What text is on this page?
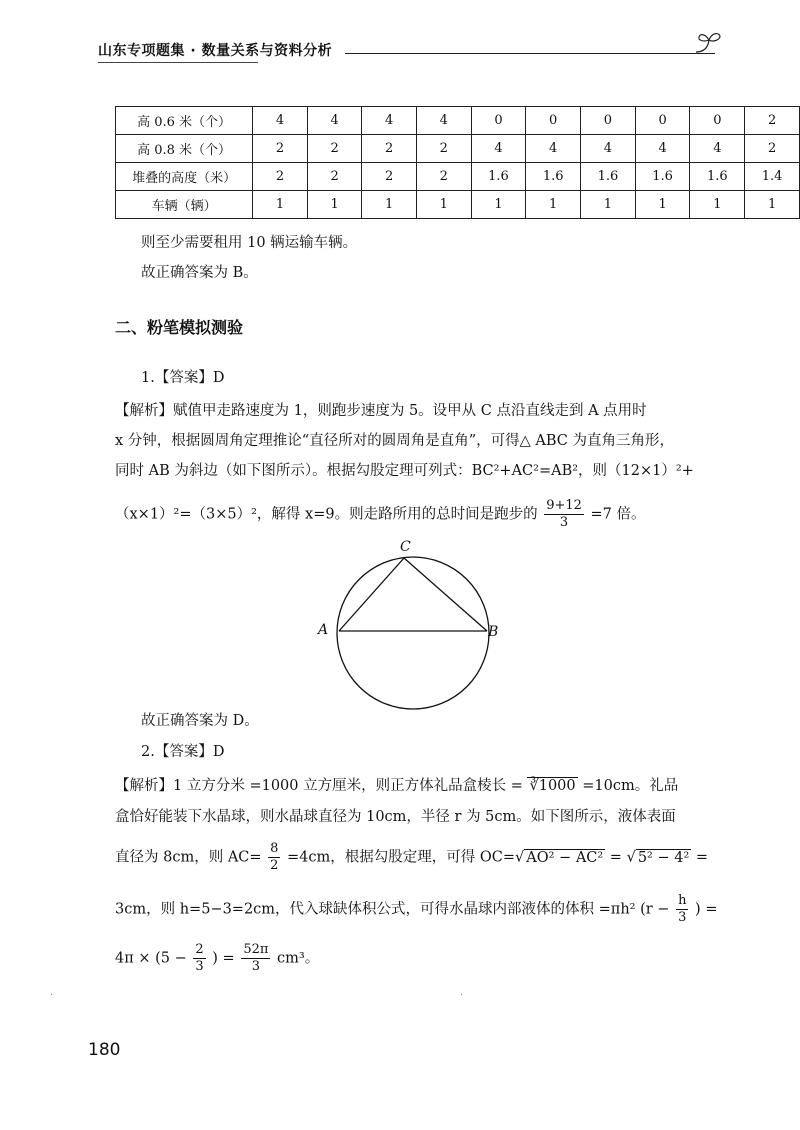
山东专项题集 · 数量关系与资料分析
高 0.6 米（个）	4	4	4	4	0	0	0	0	0	2
高 0.8 米（个）	2	2	2	2	4	4	4	4	4	2
堆叠的高度（米）	2	2	2	2	1.6	1.6	1.6	1.6	1.6	1.4
车辆（辆）	1	1	1	1	1	1	1	1	1	1
则至少需要租用 10 辆运输车辆。
故正确答案为 B。
二、粉笔模拟测验
1.【答案】D
【解析】赋值甲走路速度为 1，则跑步速度为 5。设甲从 C 点沿直线走到 A 点用时
x 分钟，根据圆周角定理推论“直径所对的圆周角是直角”，可得△ ABC 为直角三角形，
同时 AB 为斜边（如下图所示）。根据勾股定理可列式：BC²+AC²=AB²，则（12×1）²+
（x×1）²=（3×5）²，解得 x=9。则走路所用的总时间是跑步的 $\frac{9+12}{3} =7$ 倍。
C
A	B
故正确答案为 D。
2.【答案】D
【解析】1 立方分米 =1000 立方厘米，则正方体礼品盒棱长 = ∛1000 =10cm。礼品
盒恰好能装下水晶球，则水晶球直径为 10cm，半径 r 为 5cm。如下图所示，液体表面
直径为 8cm，则 $AC= \frac{8}{2} =4cm$，根据勾股定理，可得 OC=√ AO² − AC² = √ 5² − 4² =
3cm，则 h=5−3=2cm，代入球缺体积公式，可得水晶球内部液体的体积 =πh² ($r - \frac{h}{3}$ ) =
$4\pi \times (5 - \frac{2}{3}$ ) = $\frac{52\pi}{3} cm^3$。
·	·
180
